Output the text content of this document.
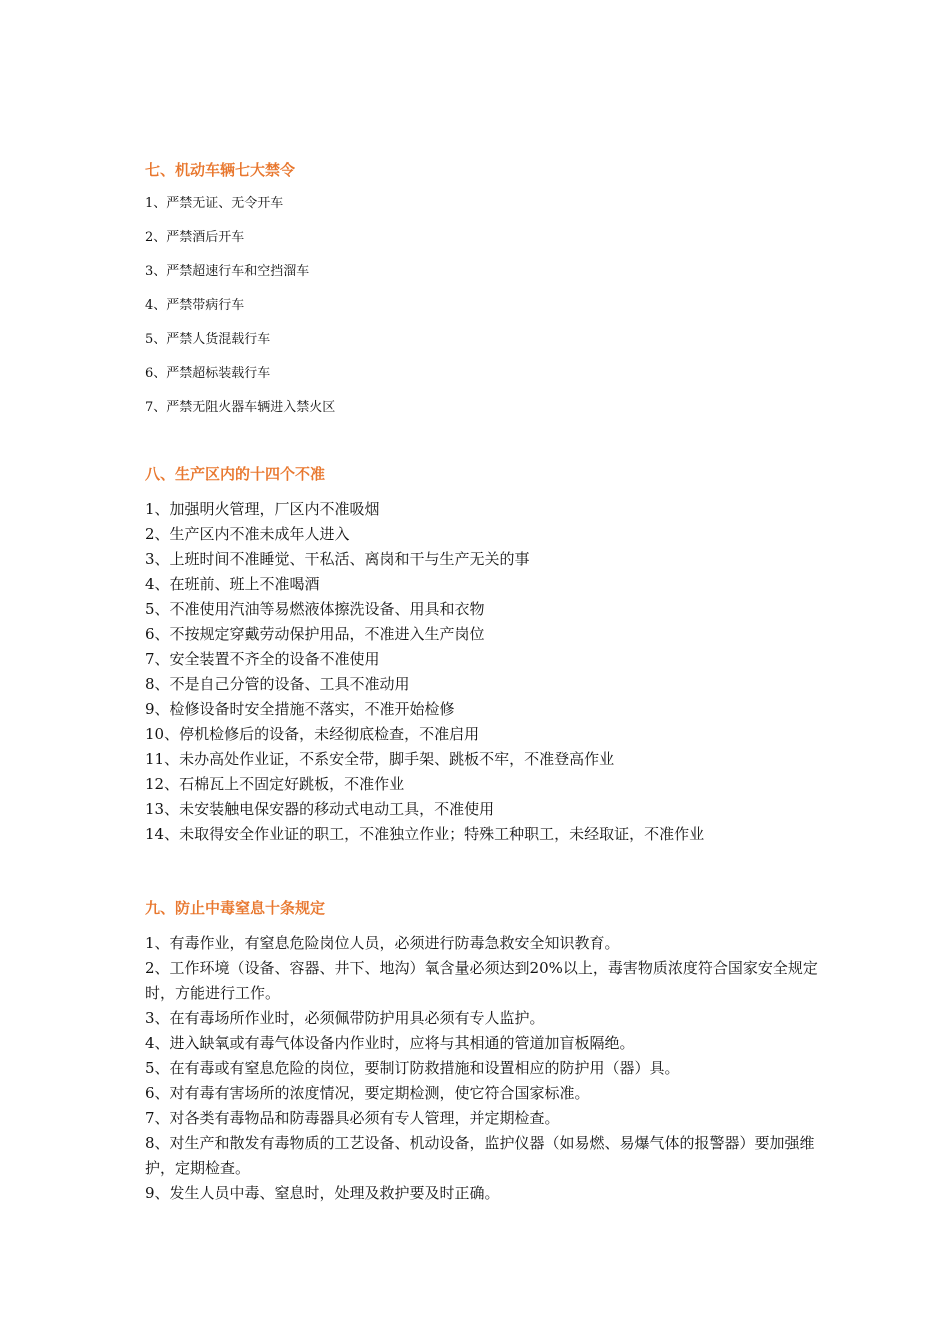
七、机动车辆七大禁令
1、严禁无证、无令开车
2、严禁酒后开车
3、严禁超速行车和空挡溜车
4、严禁带病行车
5、严禁人货混载行车
6、严禁超标装载行车
7、严禁无阻火器车辆进入禁火区
八、生产区内的十四个不准
1、加强明火管理，厂区内不准吸烟
2、生产区内不准未成年人进入
3、上班时间不准睡觉、干私活、离岗和干与生产无关的事
4、在班前、班上不准喝酒
5、不准使用汽油等易燃液体擦洗设备、用具和衣物
6、不按规定穿戴劳动保护用品，不准进入生产岗位
7、安全装置不齐全的设备不准使用
8、不是自己分管的设备、工具不准动用
9、检修设备时安全措施不落实，不准开始检修
10、停机检修后的设备，未经彻底检查，不准启用
11、未办高处作业证，不系安全带，脚手架、跳板不牢，不准登高作业
12、石棉瓦上不固定好跳板，不准作业
13、未安装触电保安器的移动式电动工具，不准使用
14、未取得安全作业证的职工，不准独立作业；特殊工种职工，未经取证，不准作业
九、防止中毒窒息十条规定
1、有毒作业，有窒息危险岗位人员，必须进行防毒急救安全知识教育。
2、工作环境（设备、容器、井下、地沟）氧含量必须达到20%以上，毒害物质浓度符合国家安全规定时，方能进行工作。
3、在有毒场所作业时，必须佩带防护用具必须有专人监护。
4、进入缺氧或有毒气体设备内作业时，应将与其相通的管道加盲板隔绝。
5、在有毒或有窒息危险的岗位，要制订防救措施和设置相应的防护用（器）具。
6、对有毒有害场所的浓度情况，要定期检测，使它符合国家标准。
7、对各类有毒物品和防毒器具必须有专人管理，并定期检查。
8、对生产和散发有毒物质的工艺设备、机动设备，监护仪器（如易燃、易爆气体的报警器）要加强维护，定期检查。
9、发生人员中毒、窒息时，处理及救护要及时正确。
